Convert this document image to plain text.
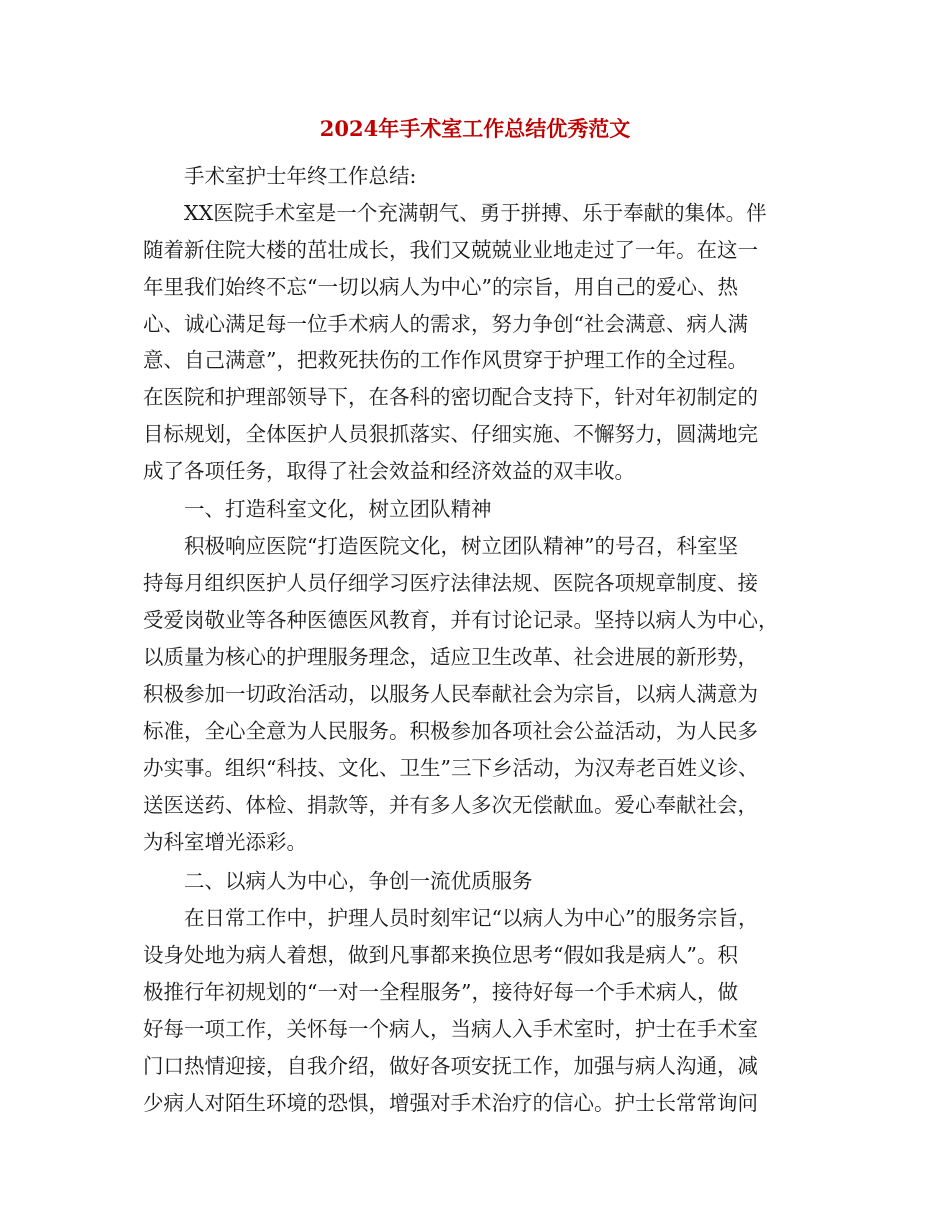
2024年手术室工作总结优秀范文
手术室护士年终工作总结:
XX医院手术室是一个充满朝气、勇于拼搏、乐于奉献的集体。伴
随着新住院大楼的茁壮成长，我们又兢兢业业地走过了一年。在这一
年里我们始终不忘“一切以病人为中心”的宗旨，用自己的爱心、热
心、诚心满足每一位手术病人的需求，努力争创“社会满意、病人满
意、自己满意”，把救死扶伤的工作作风贯穿于护理工作的全过程。
在医院和护理部领导下，在各科的密切配合支持下，针对年初制定的
目标规划，全体医护人员狠抓落实、仔细实施、不懈努力，圆满地完
成了各项任务，取得了社会效益和经济效益的双丰收。
一、打造科室文化，树立团队精神
积极响应医院“打造医院文化，树立团队精神”的号召，科室坚
持每月组织医护人员仔细学习医疗法律法规、医院各项规章制度、接
受爱岗敬业等各种医德医风教育，并有讨论记录。坚持以病人为中心，
以质量为核心的护理服务理念，适应卫生改革、社会进展的新形势，
积极参加一切政治活动，以服务人民奉献社会为宗旨，以病人满意为
标准，全心全意为人民服务。积极参加各项社会公益活动，为人民多
办实事。组织“科技、文化、卫生”三下乡活动，为汉寿老百姓义诊、
送医送药、体检、捐款等，并有多人多次无偿献血。爱心奉献社会，
为科室增光添彩。
二、以病人为中心，争创一流优质服务
在日常工作中，护理人员时刻牢记“以病人为中心”的服务宗旨，
设身处地为病人着想，做到凡事都来换位思考“假如我是病人”。积
极推行年初规划的“一对一全程服务”，接待好每一个手术病人，做
好每一项工作，关怀每一个病人，当病人入手术室时，护士在手术室
门口热情迎接，自我介绍，做好各项安抚工作，加强与病人沟通，减
少病人对陌生环境的恐惧，增强对手术治疗的信心。护士长常常询问
